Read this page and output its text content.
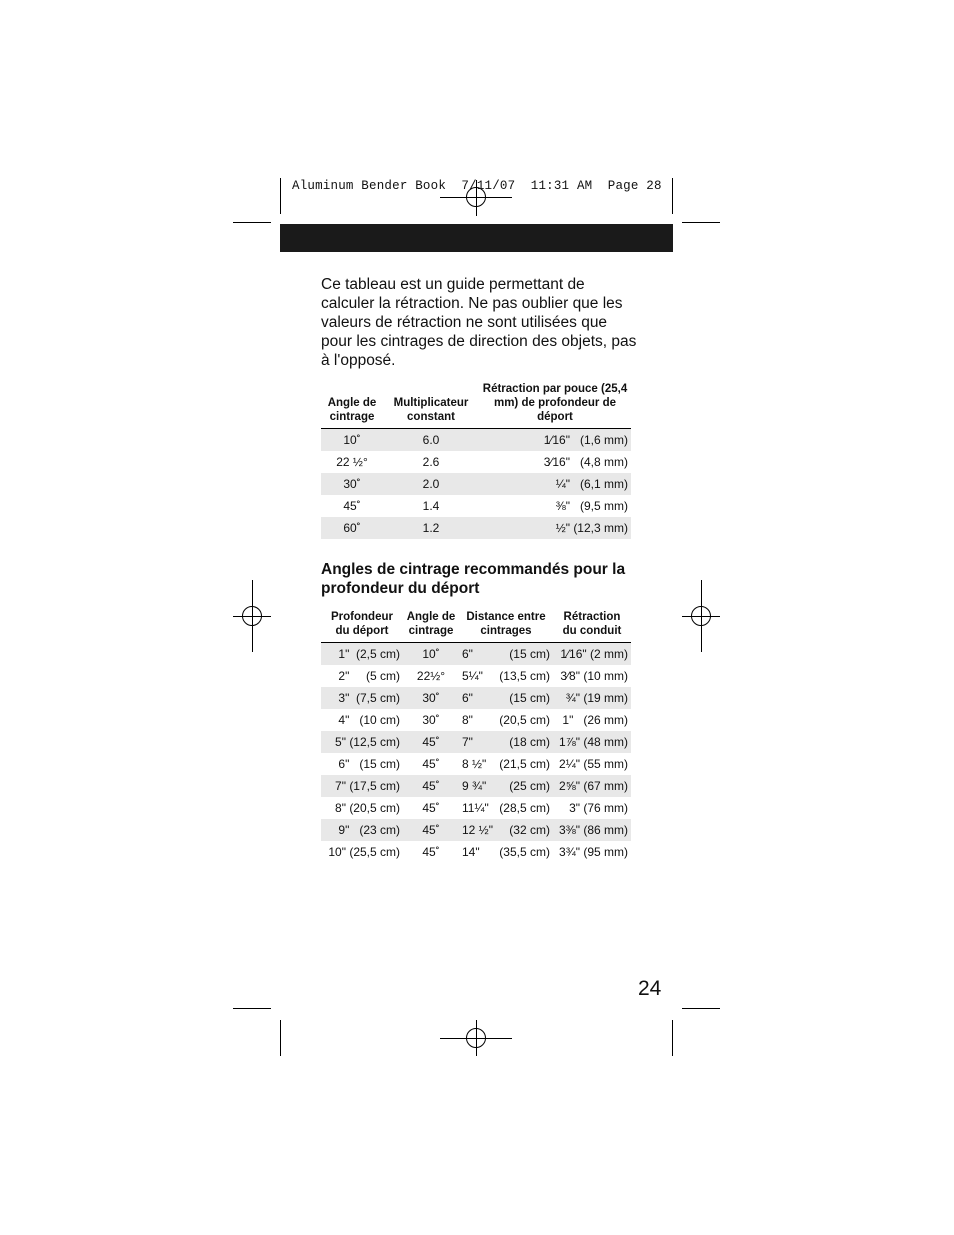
Aluminum Bender Book  7/11/07  11:31 AM  Page 28
Ce tableau est un guide permettant de calculer la rétraction. Ne pas oublier que les valeurs de rétraction ne sont utilisées que pour les cintrages de direction des objets, pas à l'opposé.
Angle de cintrage	Multiplicateur constant	Rétraction par pouce (25,4 mm) de profondeur de déport
10˚	6.0	1⁄16" (1,6 mm)
22 ½°	2.6	3⁄16" (4,8 mm)
30˚	2.0	¼" (6,1 mm)
45˚	1.4	⅜" (9,5 mm)
60˚	1.2	½" (12,3 mm)
Angles de cintrage recommandés pour la profondeur du déport
Profondeur du déport	Angle de cintrage	Distance entre cintrages		Rétraction du conduit
1"  (2,5 cm)	10˚	6"	(15 cm)	1⁄16" (2 mm)
2"     (5 cm)	22½°	5¼"	(13,5 cm)	3⁄8" (10 mm)
3"  (7,5 cm)	30˚	6"	(15 cm)	¾" (19 mm)
4"   (10 cm)	30˚	8"	(20,5 cm)	1"   (26 mm)
5" (12,5 cm)	45˚	7"	(18 cm)	1⅞" (48 mm)
6"   (15 cm)	45˚	8 ½"	(21,5 cm)	2¼" (55 mm)
7" (17,5 cm)	45˚	9 ¾"	(25 cm)	2⅝" (67 mm)
8" (20,5 cm)	45˚	11¼"	(28,5 cm)	3" (76 mm)
9"   (23 cm)	45˚	12 ½"	(32 cm)	3⅜" (86 mm)
10" (25,5 cm)	45˚	14"	(35,5 cm)	3¾" (95 mm)
24
